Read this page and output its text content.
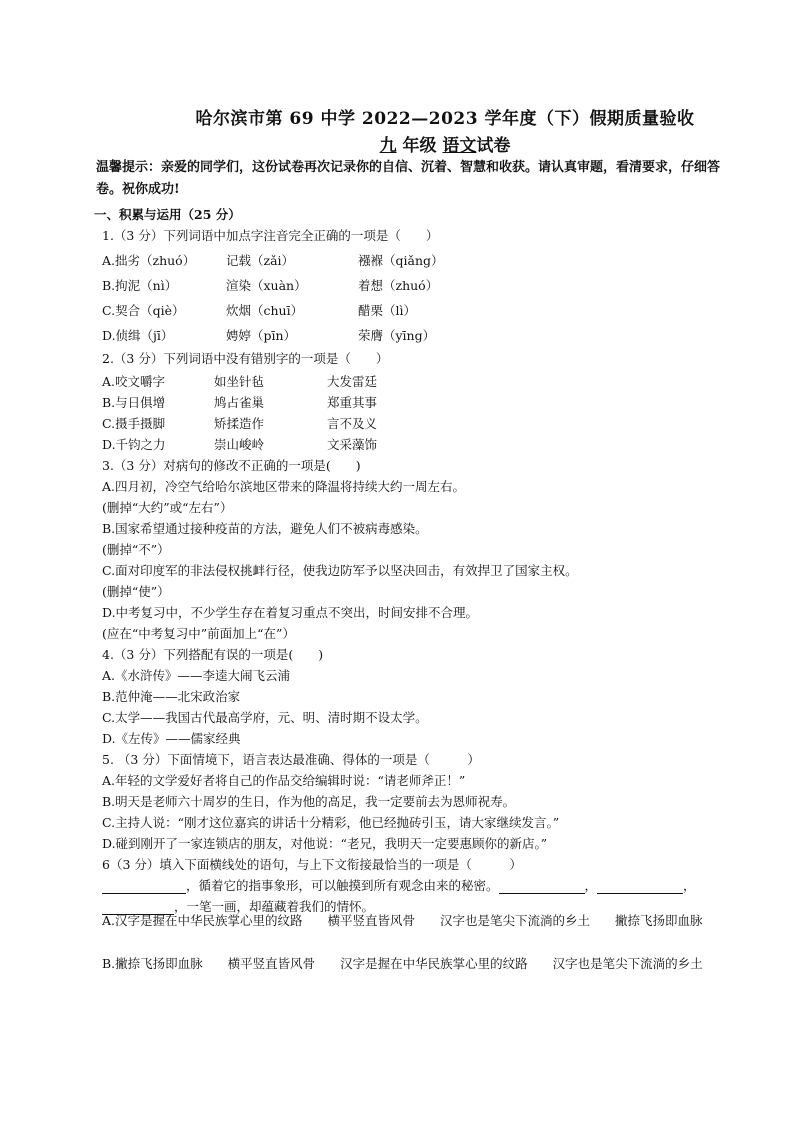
哈尔滨市第 69 中学 2022—2023 学年度（下）假期质量验收
九 年级 语文试卷
温馨提示：亲爱的同学们，这份试卷再次记录你的自信、沉着、智慧和收获。请认真审题，看清要求，仔细答卷。祝你成功!
一、积累与运用（25 分）
1.（3 分）下列词语中加点字注音完全正确的一项是（　　）
A.拙劣（zhuó） 记载（zǎi）	襁褓（qiǎng）
B.拘泥（nì）	渲染（xuàn）	着想（zhuó）
C.契合（qiè）	炊烟（chuī）	醋栗（lì）
D.侦缉（jī）	娉婷（pīn）	荣膺（yīng）
2.（3 分）下列词语中没有错别字的一项是（　　）
A.咬文嚼字	如坐针毡	大发雷廷
B.与日俱增	鸠占雀巢	郑重其事
C.摄手摄脚	矫揉造作	言不及义
D.千钧之力	崇山峻岭	文采藻饰
3.（3 分）对病句的修改不正确的一项是(　　)
A.四月初，冷空气给哈尔滨地区带来的降温将持续大约一周左右。
(删掉“大约”或“左右”）
B.国家希望通过接种疫苗的方法，避免人们不被病毒感染。
(删掉“不”）
C.面对印度军的非法侵权挑衅行径，使我边防军予以坚决回击，有效捍卫了国家主权。
(删掉“使”）
D.中考复习中，不少学生存在着复习重点不突出，时间安排不合理。
(应在“中考复习中”前面加上“在”）
4.（3 分）下列搭配有误的一项是(　　)
A.《水浒传》——李逵大闹飞云浦
B.范仲淹——北宋政治家
C.太学——我国古代最高学府，元、明、清时期不设太学。
D.《左传》——儒家经典
5. （3 分）下面情境下，语言表达最准确、得体的一项是（　　　）
A.年轻的文学爱好者将自己的作品交给编辑时说：“请老师斧正！”
B.明天是老师六十周岁的生日，作为他的高足，我一定要前去为恩师祝寿。
C.主持人说：“刚才这位嘉宾的讲话十分精彩，他已经抛砖引玉，请大家继续发言。”
D.碰到刚开了一家连锁店的朋友，对他说：“老兄，我明天一定要惠顾你的新店。”
6（3 分）填入下面横线处的语句，与上下文衔接最恰当的一项是（　　　）
，循着它的指事象形，可以触摸到所有观念由来的秘密。	，	，
，一笔一画，却蕴藏着我们的情怀。
A.汉字是握在中华民族掌心里的纹路　　横平竖直皆风骨　　汉字也是笔尖下流淌的乡土　　撇捺飞扬即血脉
B.撇捺飞扬即血脉　　横平竖直皆风骨　　汉字是握在中华民族掌心里的纹路　　汉字也是笔尖下流淌的乡土
